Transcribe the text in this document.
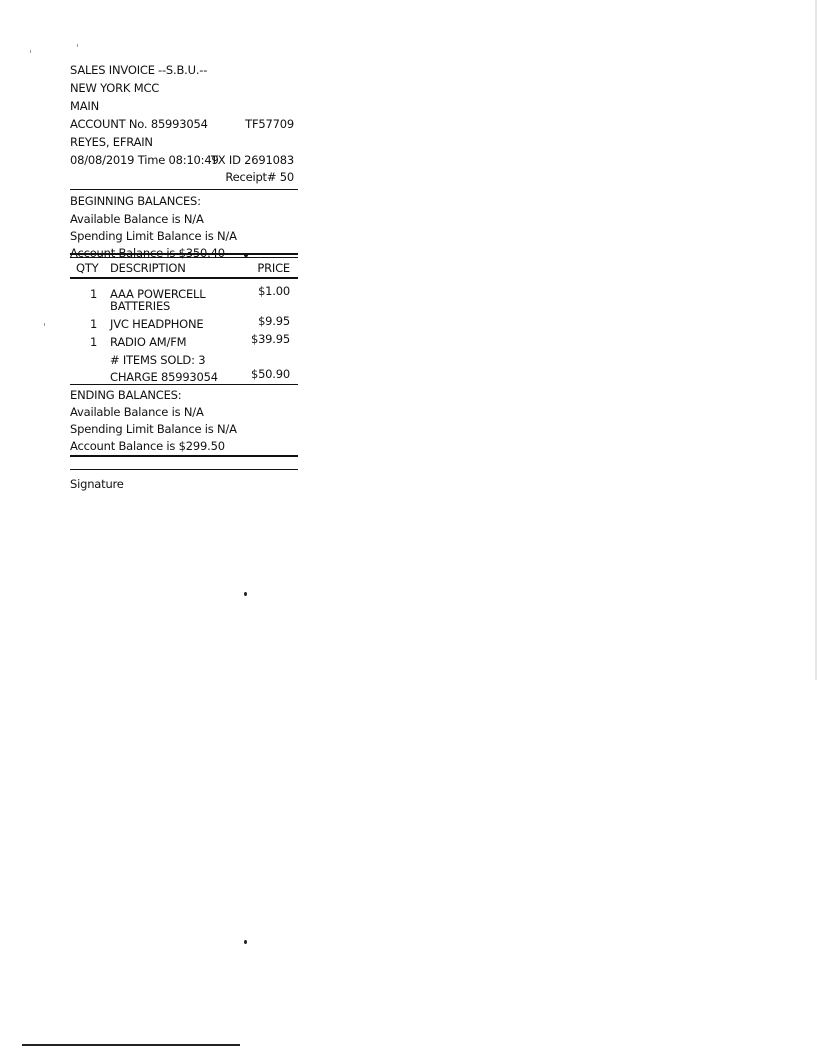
SALES INVOICE --S.B.U.--
NEW YORK MCC
MAIN
ACCOUNT No. 85993054	TF57709
REYES, EFRAIN
08/08/2019 Time 08:10:49
TX ID 2691083
Receipt# 50
BEGINNING BALANCES:
Available Balance is N/A
Spending Limit Balance is N/A
QTY DESCRIPTION	PRICE
1 AAA POWERCELL	$1.00
BATTERIES
1 JVC HEADPHONE	$9.95
1 RADIO AM/FM	$39.95
# ITEMS SOLD: 3
CHARGE 85993054	$50.90
ENDING BALANCES:
Available Balance is N/A
Spending Limit Balance is N/A
Account Balance is $299.50
Signature
